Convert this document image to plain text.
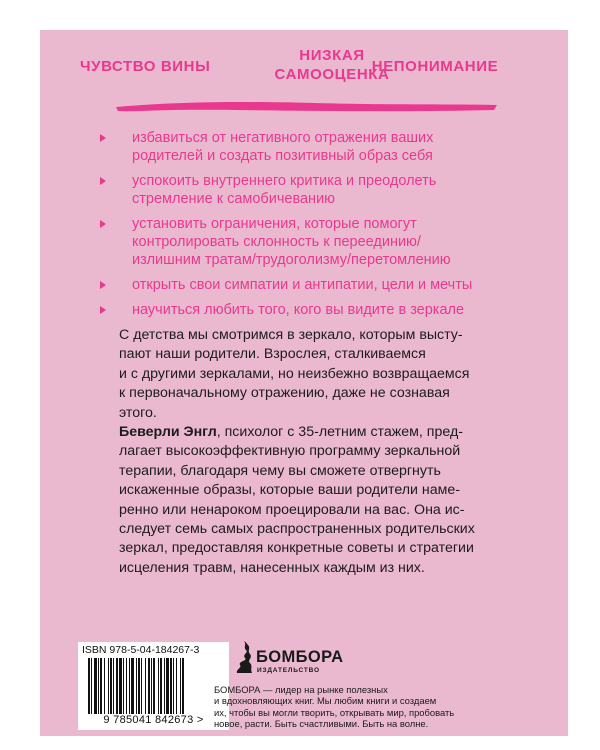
ЧУВСТВО ВИНЫ
НИЗКАЯ
САМООЦЕНКА
НЕПОНИМАНИЕ
избавиться от негативного отражения ваших
родителей и создать позитивный образ себя
успокоить внутреннего критика и преодолеть
стремление к самобичеванию
установить ограничения, которые помогут
контролировать склонность к переединию/
излишним тратам/трудоголизму/перетомлению
открыть свои симпатии и антипатии, цели и мечты
научиться любить того, кого вы видите в зеркале
С детства мы смотримся в зеркало, которым высту-
пают наши родители. Взрослея, сталкиваемся
и с другими зеркалами, но неизбежно возвращаемся
к первоначальному отражению, даже не сознавая
этого.
Беверли Энгл, психолог с 35-летним стажем, пред-
лагает высокоэффективную программу зеркальной
терапии, благодаря чему вы сможете отвергнуть
искаженные образы, которые ваши родители наме-
ренно или ненароком проецировали на вас. Она ис-
следует семь самых распространенных родительских
зеркал, предоставляя конкретные советы и стратегии
исцеления травм, нанесенных каждым из них.
ISBN 978-5-04-184267-3
9 785041 842673 >
БОМБОРА
ИЗДАТЕЛЬСТВО
БОМБОРА — лидер на рынке полезных
и вдохновляющих книг. Мы любим книги и создаем
их, чтобы вы могли творить, открывать мир, пробовать
новое, расти. Быть счастливыми. Быть на волне.
